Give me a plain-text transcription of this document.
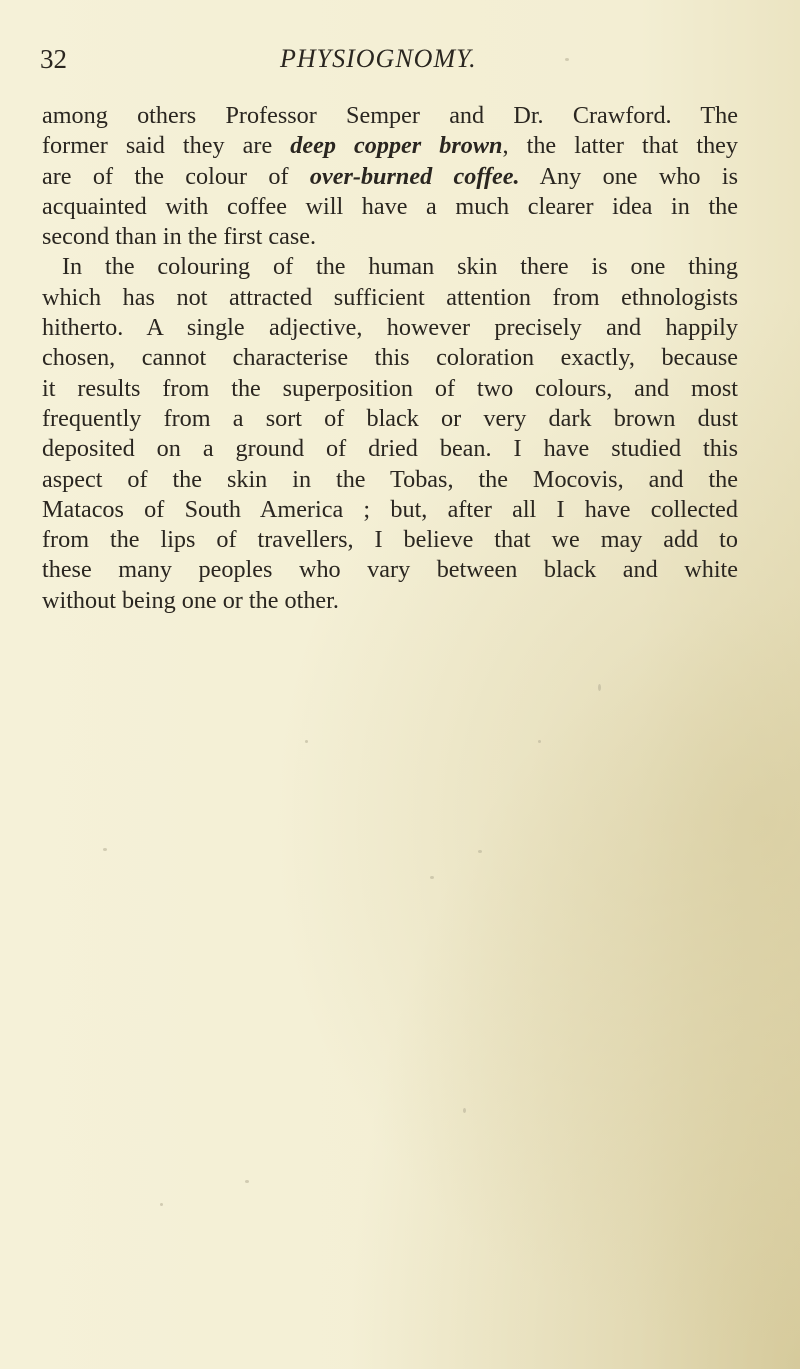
32	PHYSIOGNOMY.
among others Professor Semper and Dr. Crawford. The
former said they are deep copper brown, the latter that they
are of the colour of over-burned coffee. Any one who is
acquainted with coffee will have a much clearer idea in the
second than in the first case.
In the colouring of the human skin there is one thing
which has not attracted sufficient attention from ethnologists
hitherto. A single adjective, however precisely and happily
chosen, cannot characterise this coloration exactly, because
it results from the superposition of two colours, and most
frequently from a sort of black or very dark brown dust
deposited on a ground of dried bean. I have studied this
aspect of the skin in the Tobas, the Mocovis, and the
Matacos of South America ; but, after all I have collected
from the lips of travellers, I believe that we may add to
these many peoples who vary between black and white
without being one or the other.
